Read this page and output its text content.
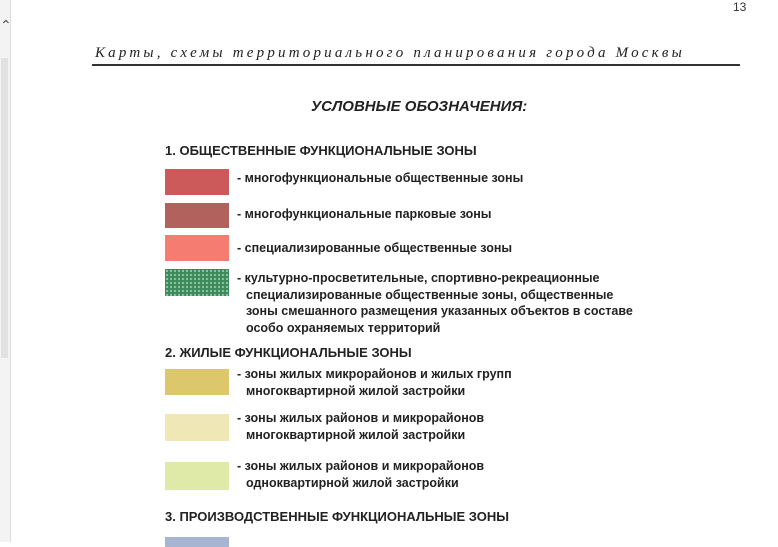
⌃
13
Карты, схемы территориального планирования города Москвы
УСЛОВНЫЕ ОБОЗНАЧЕНИЯ:
1. ОБЩЕСТВЕННЫЕ ФУНКЦИОНАЛЬНЫЕ ЗОНЫ
- многофункциональные общественные зоны

- многофункциональные парковые зоны

- специализированные общественные зоны

- культурно-просветительные, спортивно-рекреационные

специализированные общественные зоны, общественные
зоны смешанного размещения указанных объектов в составе
особо охраняемых территорий
2. ЖИЛЫЕ ФУНКЦИОНАЛЬНЫЕ ЗОНЫ
- зоны жилых микрорайонов и жилых групп

многоквартирной жилой застройки
- зоны жилых районов и микрорайонов

многоквартирной жилой застройки
- зоны жилых районов и микрорайонов

одноквартирной жилой застройки
3. ПРОИЗВОДСТВЕННЫЕ ФУНКЦИОНАЛЬНЫЕ ЗОНЫ
